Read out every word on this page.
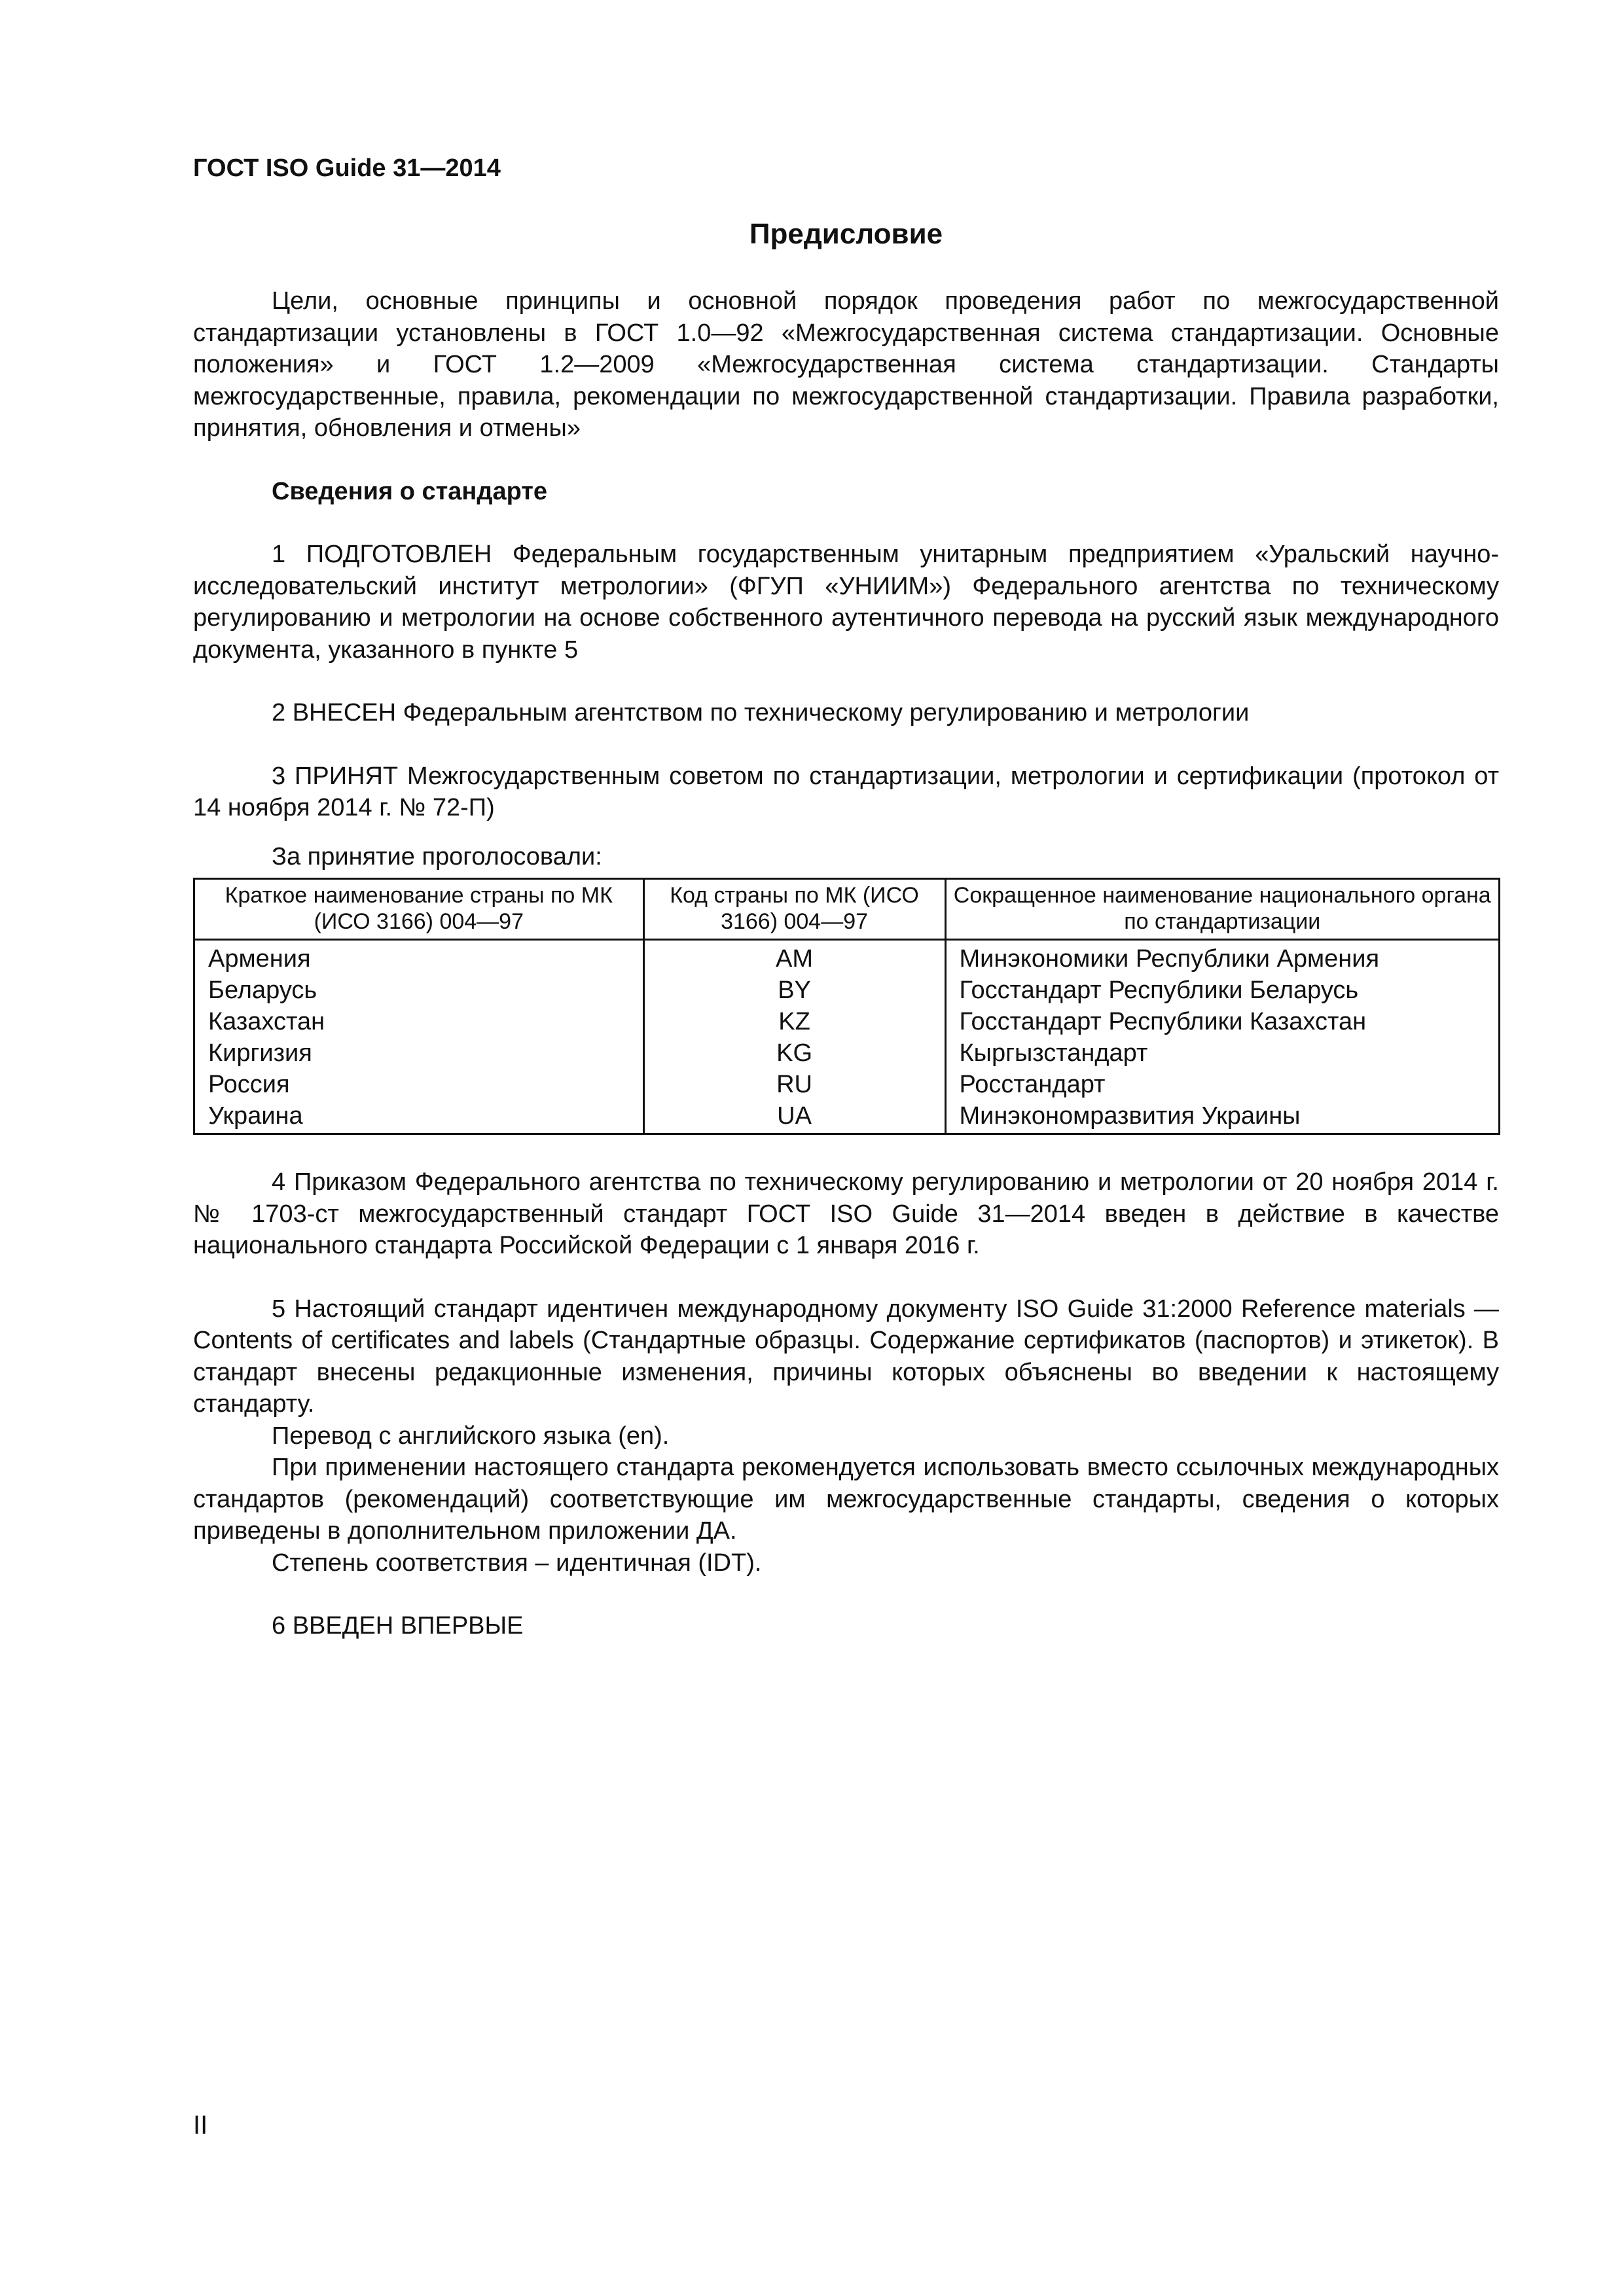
ГОСТ ISO Guide 31—2014
Предисловие

Цели, основные принципы и основной порядок проведения работ по межгосударственной стандартизации установлены в ГОСТ 1.0—92 «Межгосударственная система стандартизации. Основные положения» и ГОСТ 1.2—2009 «Межгосударственная система стандартизации. Стандарты межгосударственные, правила, рекомендации по межгосударственной стандартизации. Правила разработки, принятия, обновления и отмены»

Сведения о стандарте

1 ПОДГОТОВЛЕН Федеральным государственным унитарным предприятием «Уральский научно-исследовательский институт метрологии» (ФГУП «УНИИМ») Федерального агентства по техническому регулированию и метрологии на основе собственного аутентичного перевода на русский язык международного документа, указанного в пункте 5

2 ВНЕСЕН Федеральным агентством по техническому регулированию и метрологии

3 ПРИНЯТ Межгосударственным советом по стандартизации, метрологии и сертификации (протокол от 14 ноября 2014 г. № 72-П)

За принятие проголосовали:

Краткое наименование страны по МК (ИСО 3166) 004—97	Код страны по МК (ИСО 3166) 004—97	Сокращенное наименование национального органа по стандартизации
Армения	AM	Минэкономики Республики Армения
Беларусь	BY	Госстандарт Республики Беларусь
Казахстан	KZ	Госстандарт Республики Казахстан
Киргизия	KG	Кыргызстандарт
Россия	RU	Росстандарт
Украина	UA	Минэкономразвития Украины

4 Приказом Федерального агентства по техническому регулированию и метрологии от 20 ноября 2014 г. № 1703-ст межгосударственный стандарт ГОСТ ISO Guide 31—2014 введен в действие в качестве национального стандарта Российской Федерации с 1 января 2016 г.

5 Настоящий стандарт идентичен международному документу ISO Guide 31:2000 Reference materials — Contents of certificates and labels (Стандартные образцы. Содержание сертификатов (паспортов) и этикеток). В стандарт внесены редакционные изменения, причины которых объяснены во введении к настоящему стандарту.

Перевод с английского языка (en).

При применении настоящего стандарта рекомендуется использовать вместо ссылочных международных стандартов (рекомендаций) соответствующие им межгосударственные стандарты, сведения о которых приведены в дополнительном приложении ДА.

Степень соответствия – идентичная (IDT).

6 ВВЕДЕН ВПЕРВЫЕ

II
